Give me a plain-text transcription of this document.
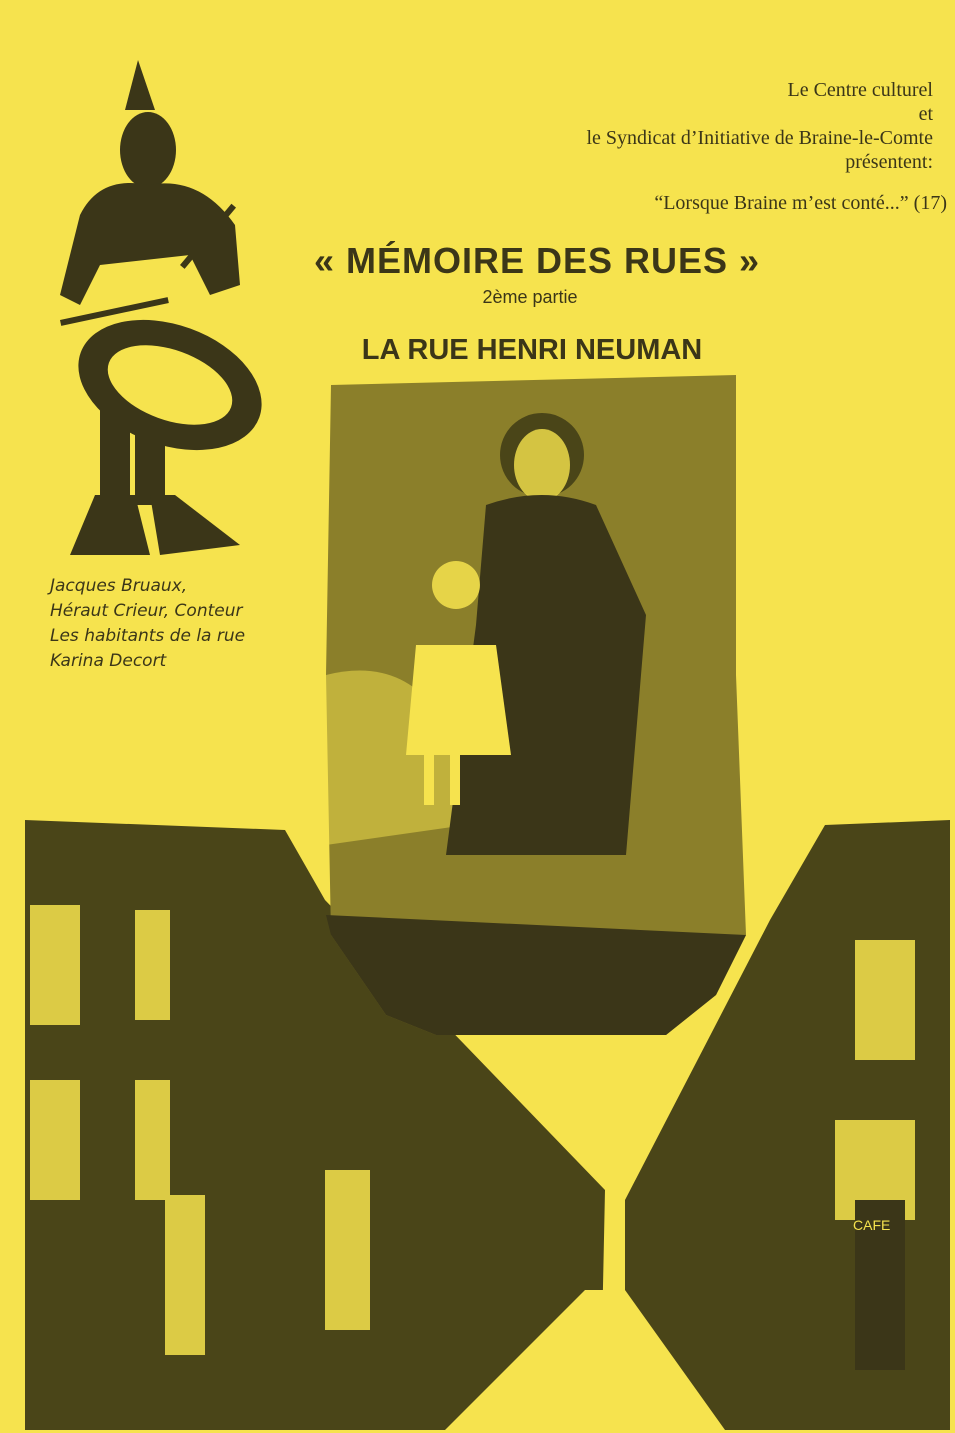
Le Centre culturel
et
le Syndicat d’Initiative de Braine-le-Comte
présentent:
“Lorsque Braine m’est conté...” (17)
« MÉMOIRE DES RUES »
2ème partie
LA RUE HENRI NEUMAN
Jacques Bruaux,
Héraut Crieur, Conteur
Les habitants de la rue
Karina Decort
CAFE
